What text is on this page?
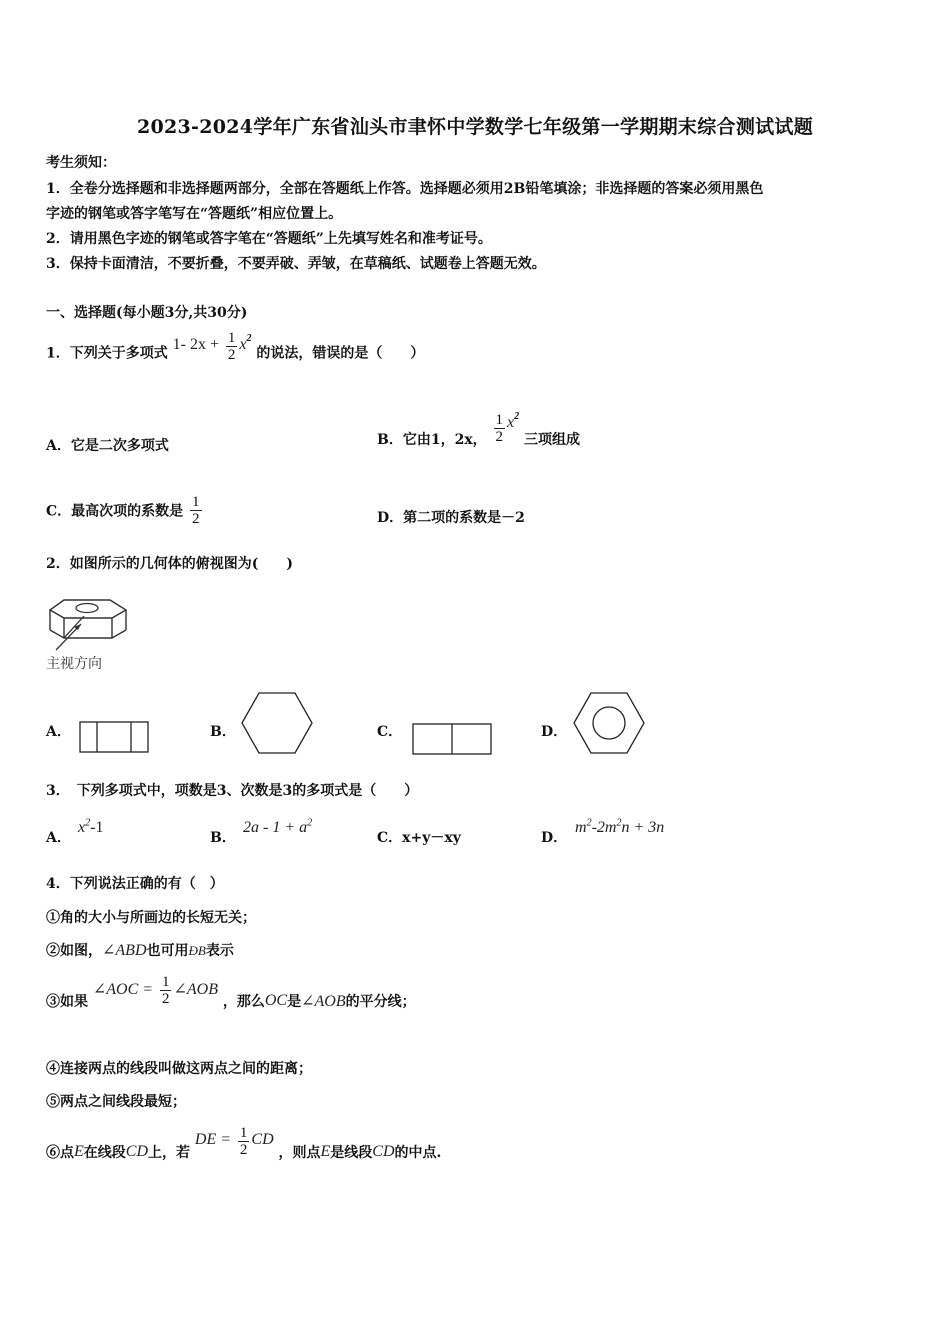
2023-2024学年广东省汕头市聿怀中学数学七年级第一学期期末综合测试试题
考生须知：
1．全卷分选择题和非选择题两部分，全部在答题纸上作答。选择题必须用2B铅笔填涂；非选择题的答案必须用黑色
字迹的钢笔或答字笔写在“答题纸”相应位置上。
2．请用黑色字迹的钢笔或答字笔在“答题纸”上先填写姓名和准考证号。
3．保持卡面清洁，不要折叠，不要弄破、弄皱，在草稿纸、试题卷上答题无效。
一、选择题(每小题3分,共30分)
1．下列关于多项式 1- $2x + \frac{1}{2} x^2$ 的说法，错误的是（　　）
A．它是二次多项式	B．它由1，2x， $\frac{1}{2} x^2$ 三项组成
C．最高次项的系数是 $\frac{1}{2}$	D．第二项的系数是－2
2．如图所示的几何体的俯视图为(　　)
主视方向
A．	B．	C．	D．
3．　下列多项式中，项数是3、次数是3的多项式是（　　）
A．
$x^2-1$
B．
$2a - 1 + a^2$
C．x+y－xy	D．
$m^2-2m^2n + 3n$
4．下列说法正确的有（　）
①角的大小与所画边的长短无关；
②如图，∠ABD也可用ÐB表示
③如果 ∠AOC = $\frac{1}{2}$ ∠AOB ，那么OC是∠AOB的平分线；
④连接两点的线段叫做这两点之间的距离；
⑤两点之间线段最短；
⑥点E在线段CD上，若 DE = $\frac{1}{2}$ CD ，则点E是线段CD的中点.
